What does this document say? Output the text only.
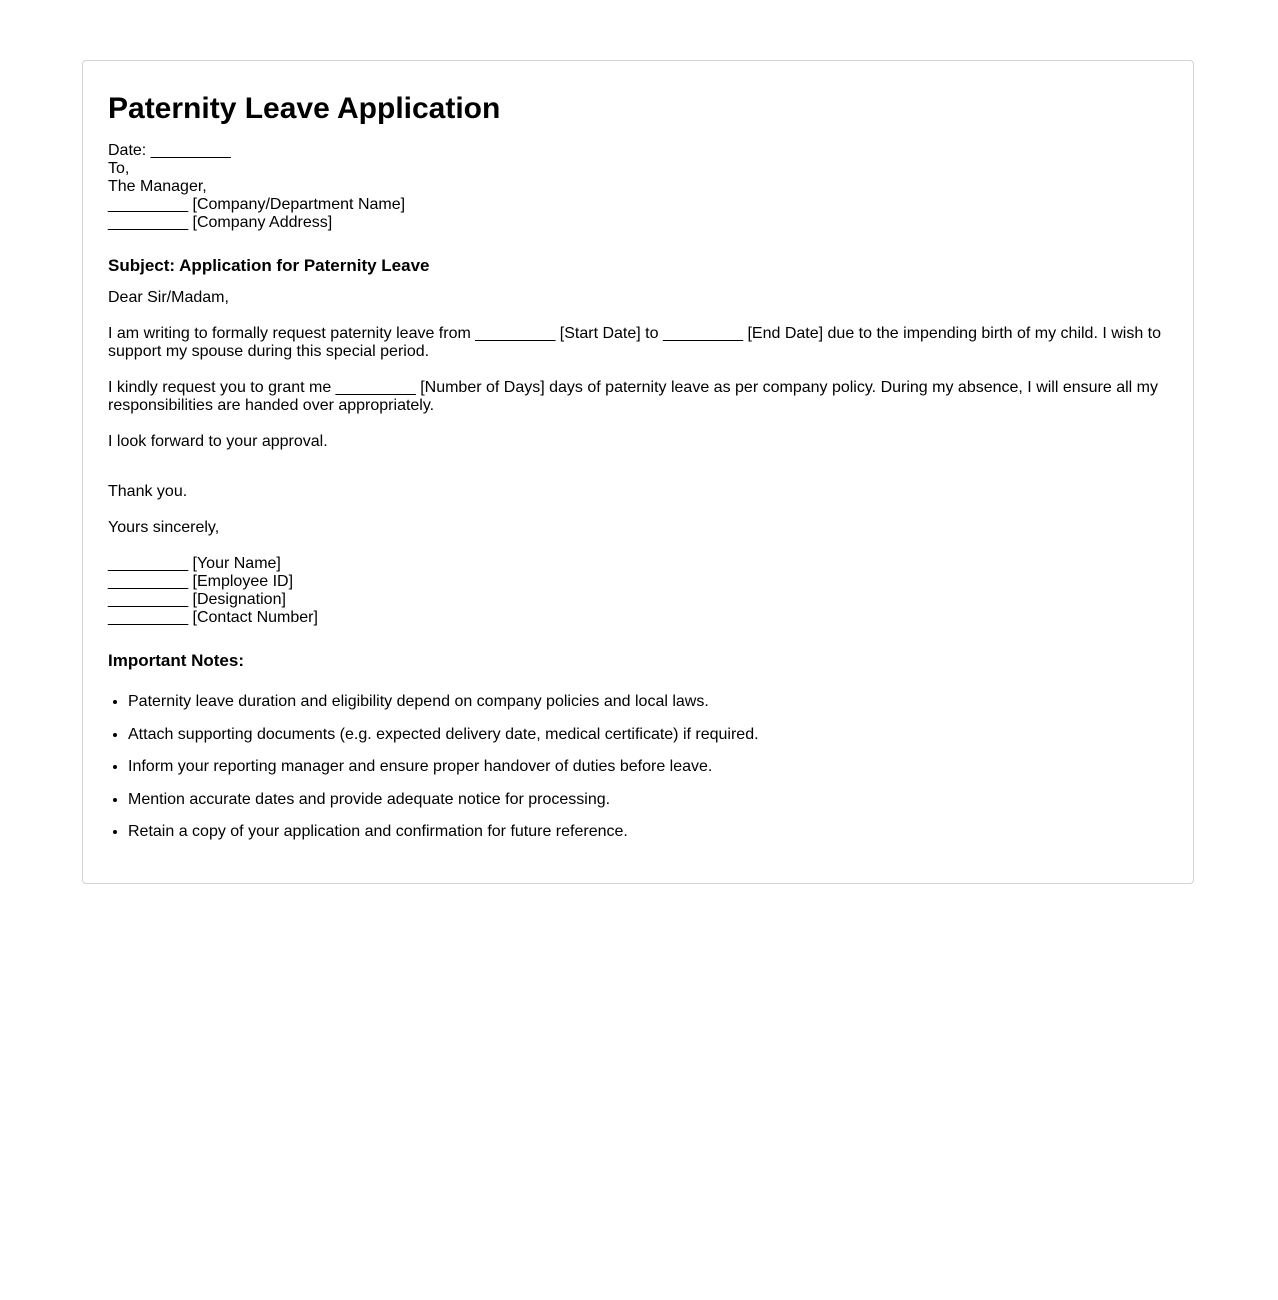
Paternity Leave Application
Date: _________
To,
The Manager,
_________ [Company/Department Name]
_________ [Company Address]
Subject: Application for Paternity Leave

Dear Sir/Madam,

I am writing to formally request paternity leave from _________ [Start Date] to _________ [End Date] due to the impending birth of my child. I wish to support my spouse during this special period.

I kindly request you to grant me _________ [Number of Days] days of paternity leave as per company policy. During my absence, I will ensure all my responsibilities are handed over appropriately.

I look forward to your approval.

Thank you.

Yours sincerely,

_________ [Your Name]
_________ [Employee ID]
_________ [Designation]
_________ [Contact Number]
Important Notes:
• Paternity leave duration and eligibility depend on company policies and local laws.
• Attach supporting documents (e.g. expected delivery date, medical certificate) if required.
• Inform your reporting manager and ensure proper handover of duties before leave.
• Mention accurate dates and provide adequate notice for processing.
• Retain a copy of your application and confirmation for future reference.
